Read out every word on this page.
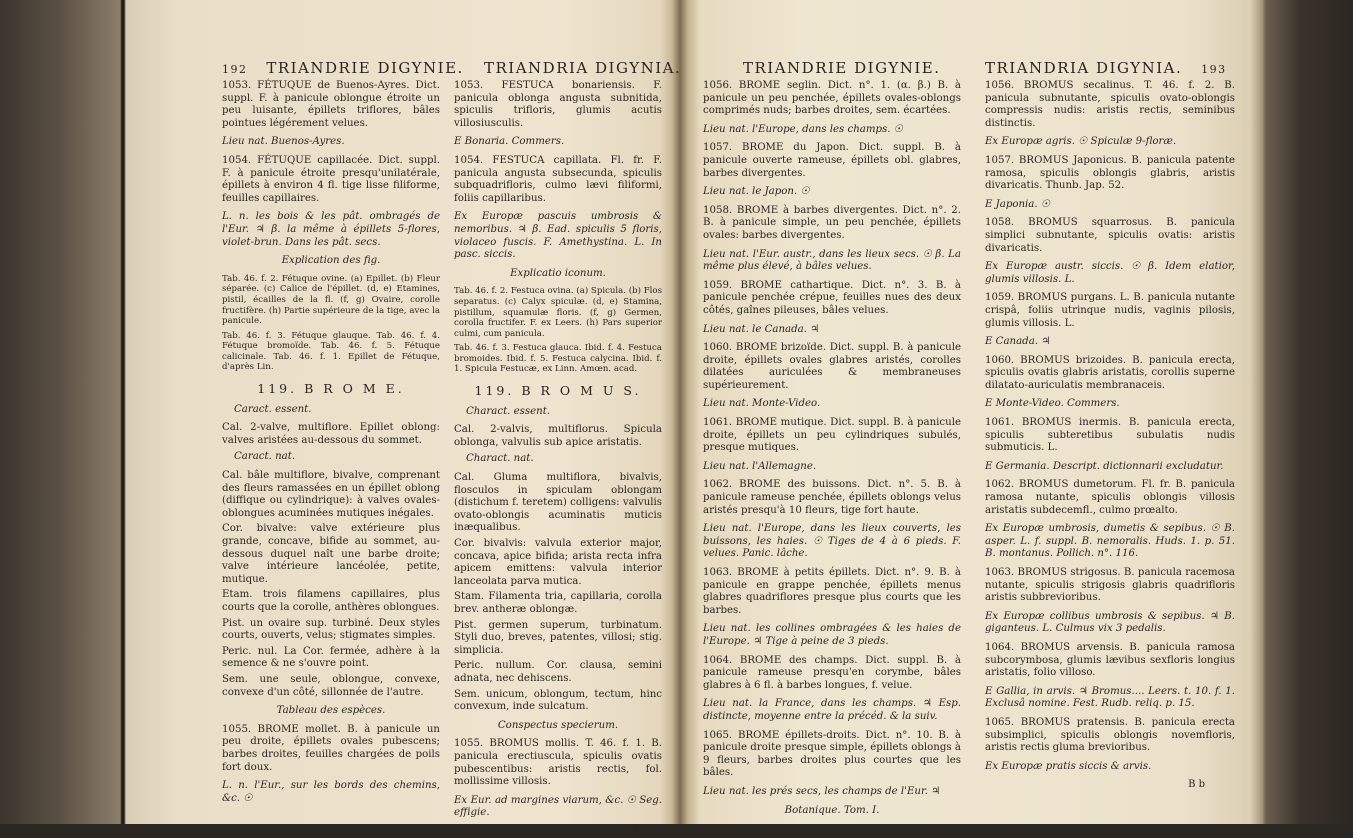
192 TRIANDRIE DIGYNIE. TRIANDRIA DIGYNIA.

1053. FÉTUQUE de Buenos-Ayres. Dict. suppl. F. à panicule oblongue étroite un peu luisante, épillets triflores, bâles pointues légérement velues.

Lieu nat. Buenos-Ayres.

1054. FÉTUQUE capillacée. Dict. suppl. F. à panicule étroite presqu'unilatérale, épillets à environ 4 fl. tige lisse filiforme, feuilles capillaires.

L. n. les bois & les pât. ombragés de l'Eur. ♃ β. la même à épillets 5-flores, violet-brun. Dans les pât. secs.

Explication des fig.

Tab. 46. f. 2. Fétuque ovine. (a) Epillet. (b) Fleur séparée. (c) Calice de l'épillet. (d, e) Etamines, pistil, écailles de la fl. (f, g) Ovaire, corolle fructifère. (h) Partie supérieure de la tige, avec la panicule.

Tab. 46. f. 3. Fétuque glauque. Tab. 46. f. 4. Fétuque bromoïde. Tab. 46. f. 5. Fétuque calicinale. Tab. 46. f. 1. Epillet de Fétuque, d'après Lin.

119. B R O M E.

Caract. essent.

Cal. 2-valve, multiflore. Epillet oblong: valves aristées au-dessous du sommet.

Caract. nat.

Cal. bâle multiflore, bivalve, comprenant des fleurs ramassées en un épillet oblong (diffique ou cylindrique): à valves ovales-oblongues acuminées mutiques inégales.

Cor. bivalve: valve extérieure plus grande, concave, bifide au sommet, au-dessous duquel naît une barbe droite; valve intérieure lancéolée, petite, mutique.

Etam. trois filamens capillaires, plus courts que la corolle, anthères oblongues.

Pist. un ovaire sup. turbiné. Deux styles courts, ouverts, velus; stigmates simples.

Peric. nul. La Cor. fermée, adhère à la semence & ne s'ouvre point.

Sem. une seule, oblongue, convexe, convexe d'un côté, sillonnée de l'autre.

Tableau des espèces.

1055. BROME mollet. B. à panicule un peu droite, épillets ovales pubescens; barbes droites, feuilles chargées de poils fort doux.

L. n. l'Eur., sur les bords des chemins, &c. ☉

1053. FESTUCA bonariensis. F. panicula oblonga angusta subnitida, spiculis trifloris, glumis acutis villosiusculis.

E Bonaria. Commers.

1054. FESTUCA capillata. Fl. fr. F. panicula angusta subsecunda, spiculis subquadrifloris, culmo lævi filiformi, foliis capillaribus.

Ex Europæ pascuis umbrosis & nemoribus. ♃ β. Ead. spiculis 5 floris, violaceo fuscis. F. Amethystina. L. In pasc. siccis.

Explicatio iconum.

Tab. 46. f. 2. Festuca ovina. (a) Spicula. (b) Flos separatus. (c) Calyx spiculæ. (d, e) Stamina, pistillum, squamulæ floris. (f, g) Germen, corolla fructifer. F. ex Leers. (h) Pars superior culmi, cum panicula.

Tab. 46. f. 3. Festuca glauca. Ibid. f. 4. Festuca bromoides. Ibid. f. 5. Festuca calycina. Ibid. f. 1. Spicula Festucæ, ex Linn. Amœn. acad.

119. B R O M U S.

Charact. essent.

Cal. 2-valvis, multiflorus. Spicula oblonga, valvulis sub apice aristatis.

Charact. nat.

Cal. Gluma multiflora, bivalvis, flosculos in spiculam oblongam (distichum f. teretem) colligens: valvulis ovato-oblongis acuminatis muticis inæqualibus.

Cor. bivalvis: valvula exterior major, concava, apice bifida; arista recta infra apicem emittens: valvula interior lanceolata parva mutica.

Stam. Filamenta tria, capillaria, corolla brev. antheræ oblongæ.

Pist. germen superum, turbinatum. Styli duo, breves, patentes, villosi; stig. simplicia.

Peric. nullum. Cor. clausa, semini adnata, nec dehiscens.

Sem. unicum, oblongum, tectum, hinc convexum, inde sulcatum.

Conspectus specierum.

1055. BROMUS mollis. T. 46. f. 1. B. panicula erectiuscula, spiculis ovatis pubescentibus: aristis rectis, fol. mollissime villosis.

Ex Eur. ad margines viarum, &c. ☉ Seg. effigie.

1056.

TRIANDRIE DIGYNIE.	TRIANDRIA DIGYNIA. 193

1056. BROME seglin. Dict. n°. 1. (α. β.) B. à panicule un peu penchée, épillets ovales-oblongs comprimés nuds; barbes droites, sem. écartées.

Lieu nat. l'Europe, dans les champs. ☉

1057. BROME du Japon. Dict. suppl. B. à panicule ouverte rameuse, épillets obl. glabres, barbes divergentes.

Lieu nat. le Japon. ☉

1058. BROME à barbes divergentes. Dict. n°. 2. B. à panicule simple, un peu penchée, épillets ovales: barbes divergentes.

Lieu nat. l'Eur. austr., dans les lieux secs. ☉ β. La même plus élevé, à bâles velues.

1059. BROME cathartique. Dict. n°. 3. B. à panicule penchée crépue, feuilles nues des deux côtés, gaînes pileuses, bâles velues.

Lieu nat. le Canada. ♃

1060. BROME brizoïde. Dict. suppl. B. à panicule droite, épillets ovales glabres aristés, corolles dilatées auriculées & membraneuses supérieurement.

Lieu nat. Monte-Video.

1061. BROME mutique. Dict. suppl. B. à panicule droite, épillets un peu cylindriques subulés, presque mutiques.

Lieu nat. l'Allemagne.

1062. BROME des buissons. Dict. n°. 5. B. à panicule rameuse penchée, épillets oblongs velus aristés presqu'à 10 fleurs, tige fort haute.

Lieu nat. l'Europe, dans les lieux couverts, les buissons, les haies. ☉ Tiges de 4 à 6 pieds. F. velues. Panic. lâche.

1063. BROME à petits épillets. Dict. n°. 9. B. à panicule en grappe penchée, épillets menus glabres quadriflores presque plus courts que les barbes.

Lieu nat. les collines ombragées & les haies de l'Europe. ♃ Tige à peine de 3 pieds.

1064. BROME des champs. Dict. suppl. B. à panicule rameuse presqu'en corymbe, bâles glabres à 6 fl. à barbes longues, f. velue.

Lieu nat. la France, dans les champs. ♃ Esp. distincte, moyenne entre la précéd. & la suiv.

1065. BROME épillets-droits. Dict. n°. 10. B. à panicule droite presque simple, épillets oblongs à 9 fleurs, barbes droites plus courtes que les bâles.

Lieu nat. les prés secs, les champs de l'Eur. ♃

Botanique. Tom. I.

1056. BROMUS secalinus. T. 46. f. 2. B. panicula subnutante, spiculis ovato-oblongis compressis nudis: aristis rectis, seminibus distinctis.

Ex Europæ agris. ☉ Spiculæ 9-floræ.

1057. BROMUS Japonicus. B. panicula patente ramosa, spiculis oblongis glabris, aristis divaricatis. Thunb. Jap. 52.

E Japonia. ☉

1058. BROMUS squarrosus. B. panicula simplici subnutante, spiculis ovatis: aristis divaricatis.

Ex Europæ austr. siccis. ☉ β. Idem elatior, glumis villosis. L.

1059. BROMUS purgans. L. B. panicula nutante crispâ, foliis utrinque nudis, vaginis pilosis, glumis villosis. L.

E Canada. ♃

1060. BROMUS brizoides. B. panicula erecta, spiculis ovatis glabris aristatis, corollis superne dilatato-auriculatis membranaceis.

E Monte-Video. Commers.

1061. BROMUS inermis. B. panicula erecta, spiculis subteretibus subulatis nudis submuticis. L.

E Germania. Descript. dictionnarii excludatur.

1062. BROMUS dumetorum. Fl. fr. B. panicula ramosa nutante, spiculis oblongis villosis aristatis subdecemfl., culmo prœalto.

Ex Europæ umbrosis, dumetis & sepibus. ☉ B. asper. L. f. suppl. B. nemoralis. Huds. 1. p. 51. B. montanus. Pollich. n°. 116.

1063. BROMUS strigosus. B. panicula racemosa nutante, spiculis strigosis glabris quadrifloris aristis subbrevioribus.

Ex Europæ collibus umbrosis & sepibus. ♃ B. giganteus. L. Culmus vix 3 pedalis.

1064. BROMUS arvensis. B. panicula ramosa subcorymbosa, glumis lævibus sexfloris longius aristatis, folio villoso.

E Gallia, in arvis. ♃ Bromus.... Leers. t. 10. f. 1. Exclusâ nomine. Fest. Rudb. reliq. p. 15.

1065. BROMUS pratensis. B. panicula erecta subsimplici, spiculis oblongis novemfloris, aristis rectis gluma brevioribus.

Ex Europæ pratis siccis & arvis.

B b
